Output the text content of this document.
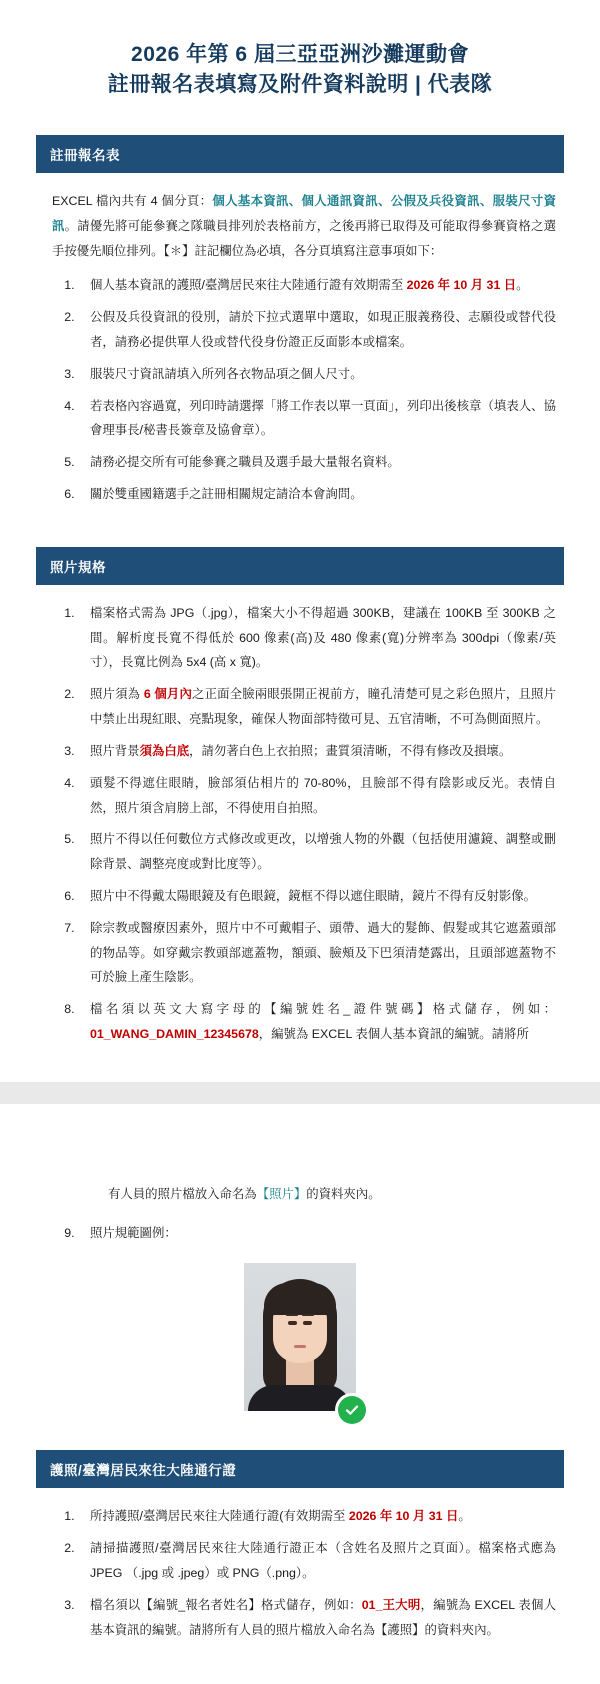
2026 年第 6 屆三亞亞洲沙灘運動會
註冊報名表填寫及附件資料說明 | 代表隊
註冊報名表

EXCEL 檔內共有 4 個分頁：個人基本資訊、個人通訊資訊、公假及兵役資訊、服裝尺寸資訊。請優先將可能參賽之隊職員排列於表格前方，之後再將已取得及可能取得參賽資格之選手按優先順位排列。【＊】註記欄位為必填，各分頁填寫注意事項如下：

1. 個人基本資訊的護照/臺灣居民來往大陸通行證有效期需至 2026 年 10 月 31 日。
2. 公假及兵役資訊的役別，請於下拉式選單中選取，如現正服義務役、志願役或替代役者，請務必提供單人役或替代役身份證正反面影本或檔案。
3. 服裝尺寸資訊請填入所列各衣物品項之個人尺寸。
4. 若表格內容過寬，列印時請選擇「將工作表以單一頁面」，列印出後核章（填表人、協會理事長/秘書長簽章及協會章）。
5. 請務必提交所有可能參賽之職員及選手最大量報名資料。
6. 關於雙重國籍選手之註冊相關規定請洽本會詢問。
照片規格
1. 檔案格式需為 JPG（.jpg），檔案大小不得超過 300KB，建議在 100KB 至 300KB 之間。解析度長寬不得低於 600 像素(高)及 480 像素(寬)分辨率為 300dpi（像素/英寸），長寬比例為 5x4 (高 x 寬)。
2. 照片須為 6 個月內之正面全臉兩眼張開正視前方，瞳孔清楚可見之彩色照片，且照片中禁止出現紅眼、亮點現象，確保人物面部特徵可見、五官清晰，不可為側面照片。
3. 照片背景須為白底，請勿著白色上衣拍照；畫質須清晰，不得有修改及損壞。
4. 頭髮不得遮住眼睛，臉部須佔相片的 70-80%，且臉部不得有陰影或反光。表情自然，照片須含肩膀上部，不得使用自拍照。
5. 照片不得以任何數位方式修改或更改，以增強人物的外觀（包括使用濾鏡、調整或刪除背景、調整亮度或對比度等）。
6. 照片中不得戴太陽眼鏡及有色眼鏡，鏡框不得以遮住眼睛，鏡片不得有反射影像。
7. 除宗教或醫療因素外，照片中不可戴帽子、頭帶、過大的髮飾、假髮或其它遮蓋頭部的物品等。如穿戴宗教頭部遮蓋物，額頭、臉頰及下巴須清楚露出，且頭部遮蓋物不可於臉上產生陰影。
8. 檔名須以英文大寫字母的【編號姓名_證件號碼】格式儲存，例如：01_WANG_DAMIN_12345678，編號為 EXCEL 表個人基本資訊的編號。請將所

有人員的照片檔放入命名為【照片】的資料夾內。

9. 照片規範圖例：
護照/臺灣居民來往大陸通行證
1. 所持護照/臺灣居民來往大陸通行證(有效期需至 2026 年 10 月 31 日。
2. 請掃描護照/臺灣居民來往大陸通行證正本（含姓名及照片之頁面）。檔案格式應為 JPEG （.jpg 或 .jpeg）或 PNG（.png）。
3. 檔名須以【編號_報名者姓名】格式儲存，例如：01_王大明，編號為 EXCEL 表個人基本資訊的編號。請將所有人員的照片檔放入命名為【護照】的資料夾內。
